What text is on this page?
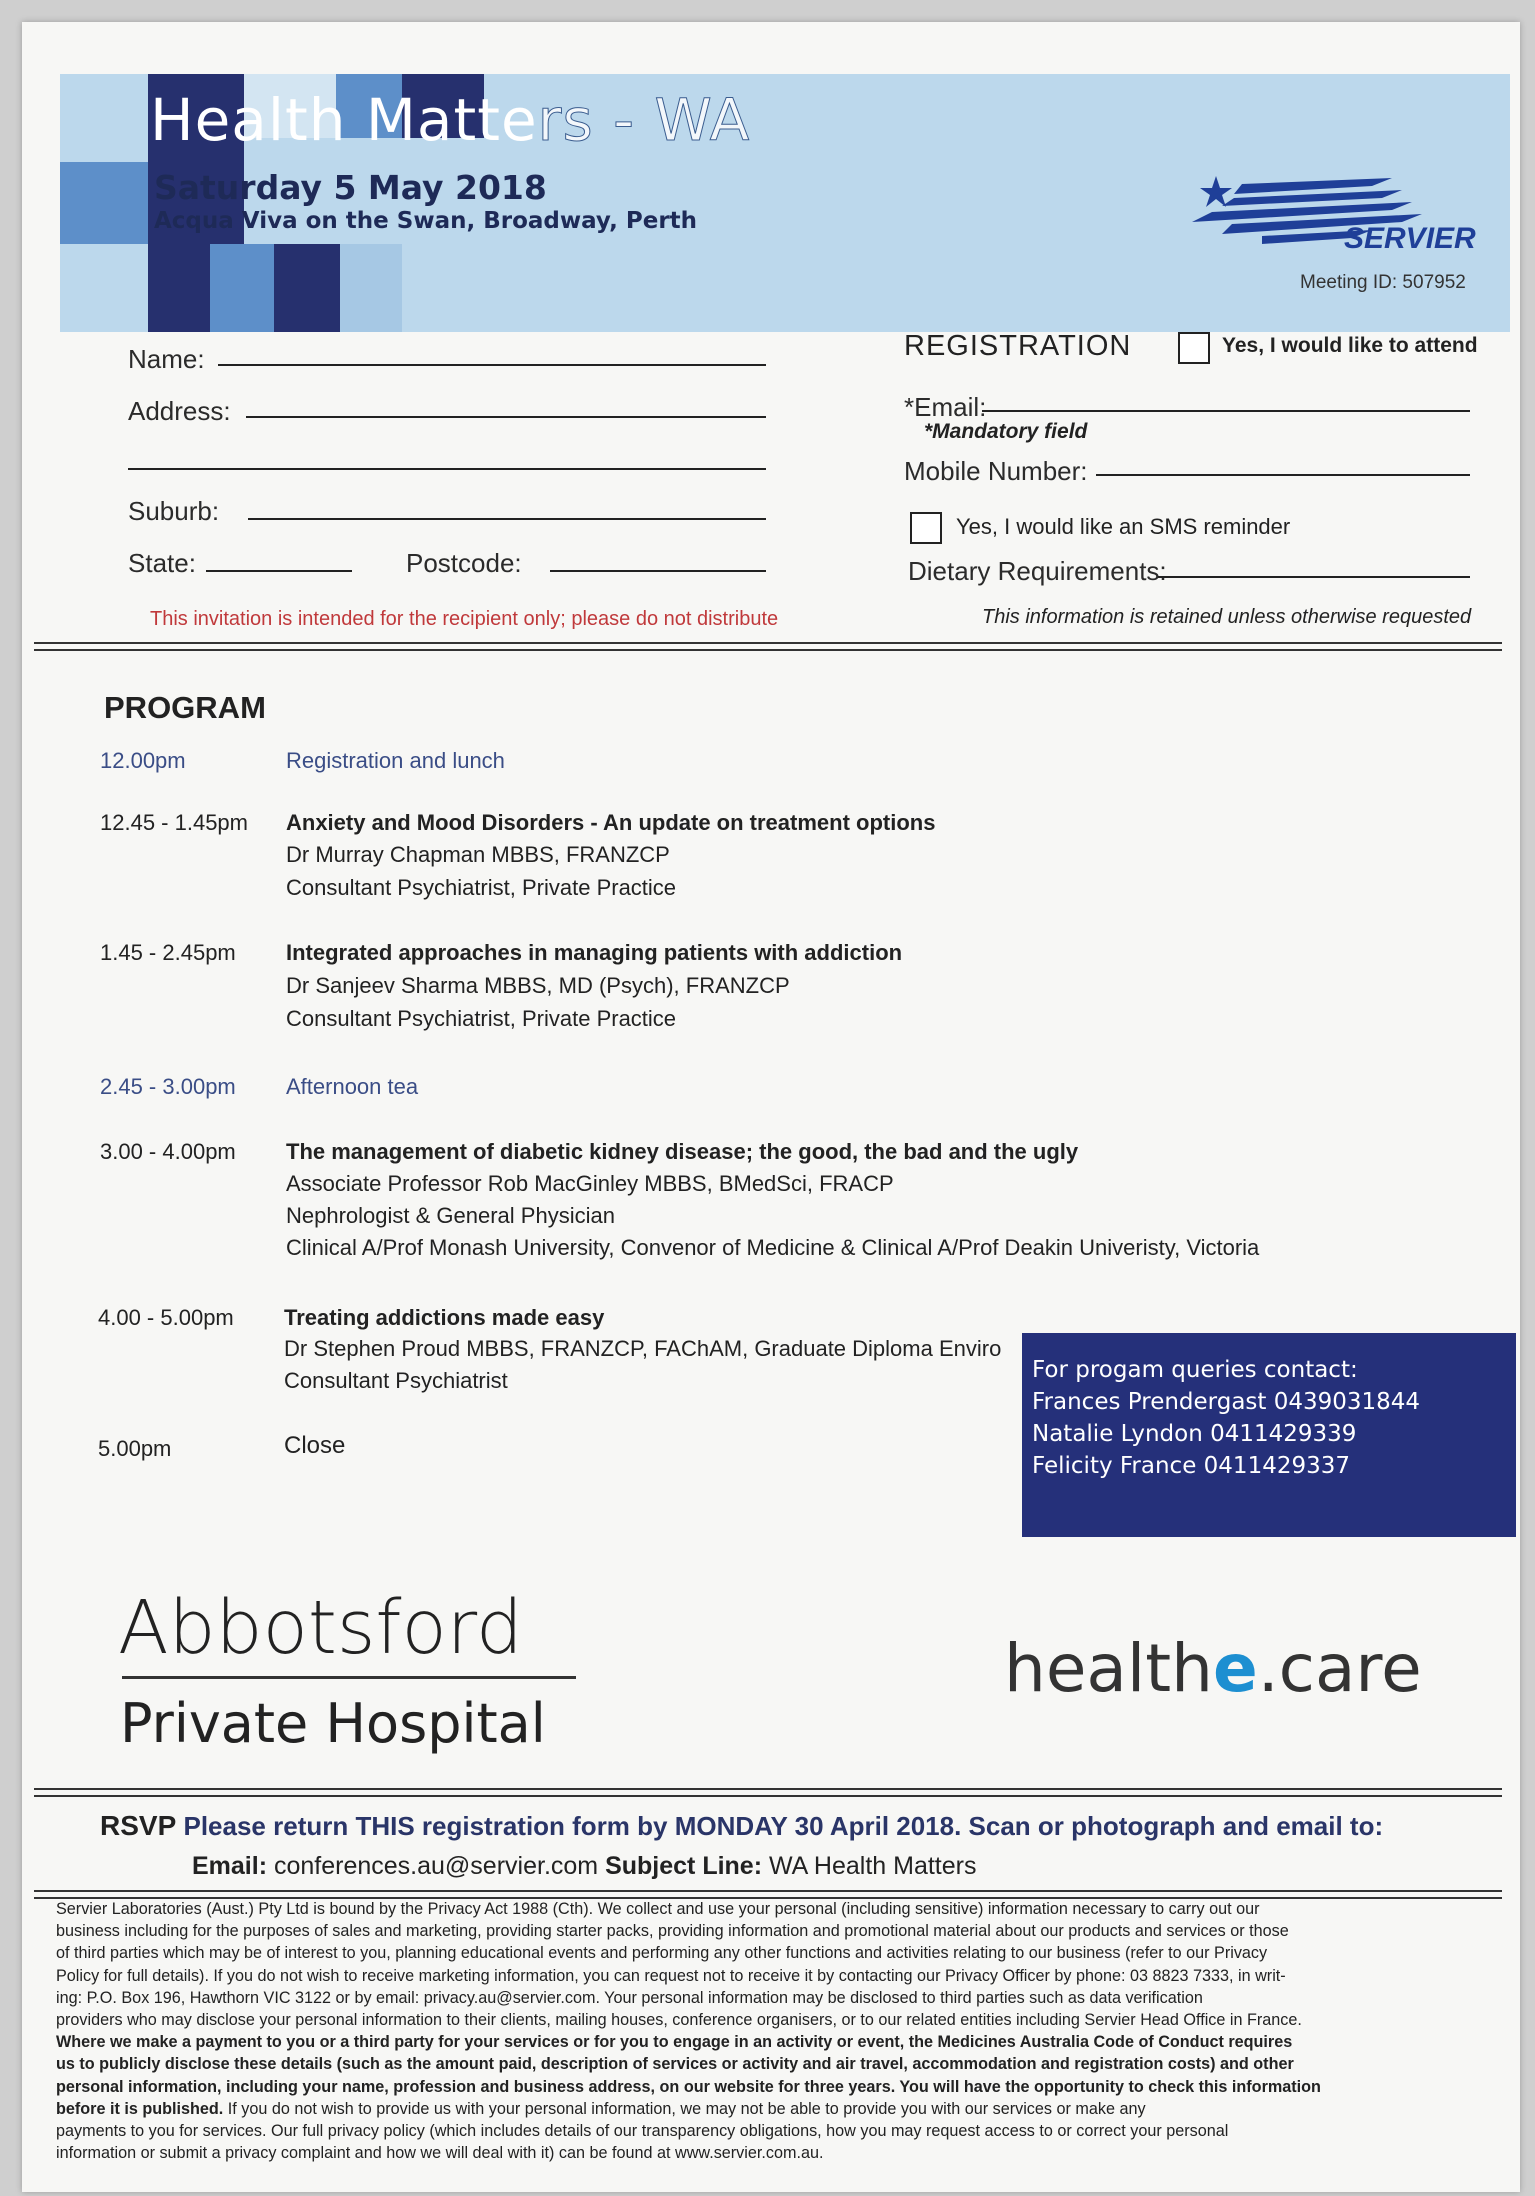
Health Matters - WA
Saturday 5 May 2018
Acqua Viva on the Swan, Broadway, Perth
SERVIER
Meeting ID: 507952
Name:
Address:
Suburb:
State:	Postcode:
REGISTRATION	Yes, I would like to attend
*Email:
*Mandatory field
Mobile Number:
Yes, I would like an SMS reminder
Dietary Requirements:
This invitation is intended for the recipient only; please do not distribute	This information is retained unless otherwise requested
PROGRAM
12.00pm	Registration and lunch
12.45 - 1.45pm Anxiety and Mood Disorders - An update on treatment options
Dr Murray Chapman MBBS, FRANZCP
Consultant Psychiatrist, Private Practice
1.45 - 2.45pm Integrated approaches in managing patients with addiction
Dr Sanjeev Sharma MBBS, MD (Psych), FRANZCP
Consultant Psychiatrist, Private Practice
2.45 - 3.00pm Afternoon tea
3.00 - 4.00pm The management of diabetic kidney disease; the good, the bad and the ugly
Associate Professor Rob MacGinley MBBS, BMedSci, FRACP
Nephrologist & General Physician
Clinical A/Prof Monash University, Convenor of Medicine & Clinical A/Prof Deakin Univeristy, Victoria
4.00 - 5.00pm Treating addictions made easy
Dr Stephen Proud MBBS, FRANZCP, FAChAM, Graduate Diploma Enviro
Consultant Psychiatrist
5.00pm	Close
For progam queries contact:
Frances Prendergast 0439031844
Natalie Lyndon 0411429339
Felicity France 0411429337
Abbotsford
Private Hospital
healthe.care
RSVP Please return THIS registration form by MONDAY 30 April 2018. Scan or photograph and email to:
Email: conferences.au@servier.com Subject Line: WA Health Matters

Servier Laboratories (Aust.) Pty Ltd is bound by the Privacy Act 1988 (Cth). We collect and use your personal (including sensitive) information necessary to carry out our

business including for the purposes of sales and marketing, providing starter packs, providing information and promotional material about our products and services or those

of third parties which may be of interest to you, planning educational events and performing any other functions and activities relating to our business (refer to our Privacy

Policy for full details). If you do not wish to receive marketing information, you can request not to receive it by contacting our Privacy Officer by phone: 03 8823 7333, in writ-

ing: P.O. Box 196, Hawthorn VIC 3122 or by email: privacy.au@servier.com. Your personal information may be disclosed to third parties such as data verification

providers who may disclose your personal information to their clients, mailing houses, conference organisers, or to our related entities including Servier Head Office in France.

Where we make a payment to you or a third party for your services or for you to engage in an activity or event, the Medicines Australia Code of Conduct requires

us to publicly disclose these details (such as the amount paid, description of services or activity and air travel, accommodation and registration costs) and other

personal information, including your name, profession and business address, on our website for three years. You will have the opportunity to check this information

before it is published. If you do not wish to provide us with your personal information, we may not be able to provide you with our services or make any

payments to you for services. Our full privacy policy (which includes details of our transparency obligations, how you may request access to or correct your personal

information or submit a privacy complaint and how we will deal with it) can be found at www.servier.com.au.
